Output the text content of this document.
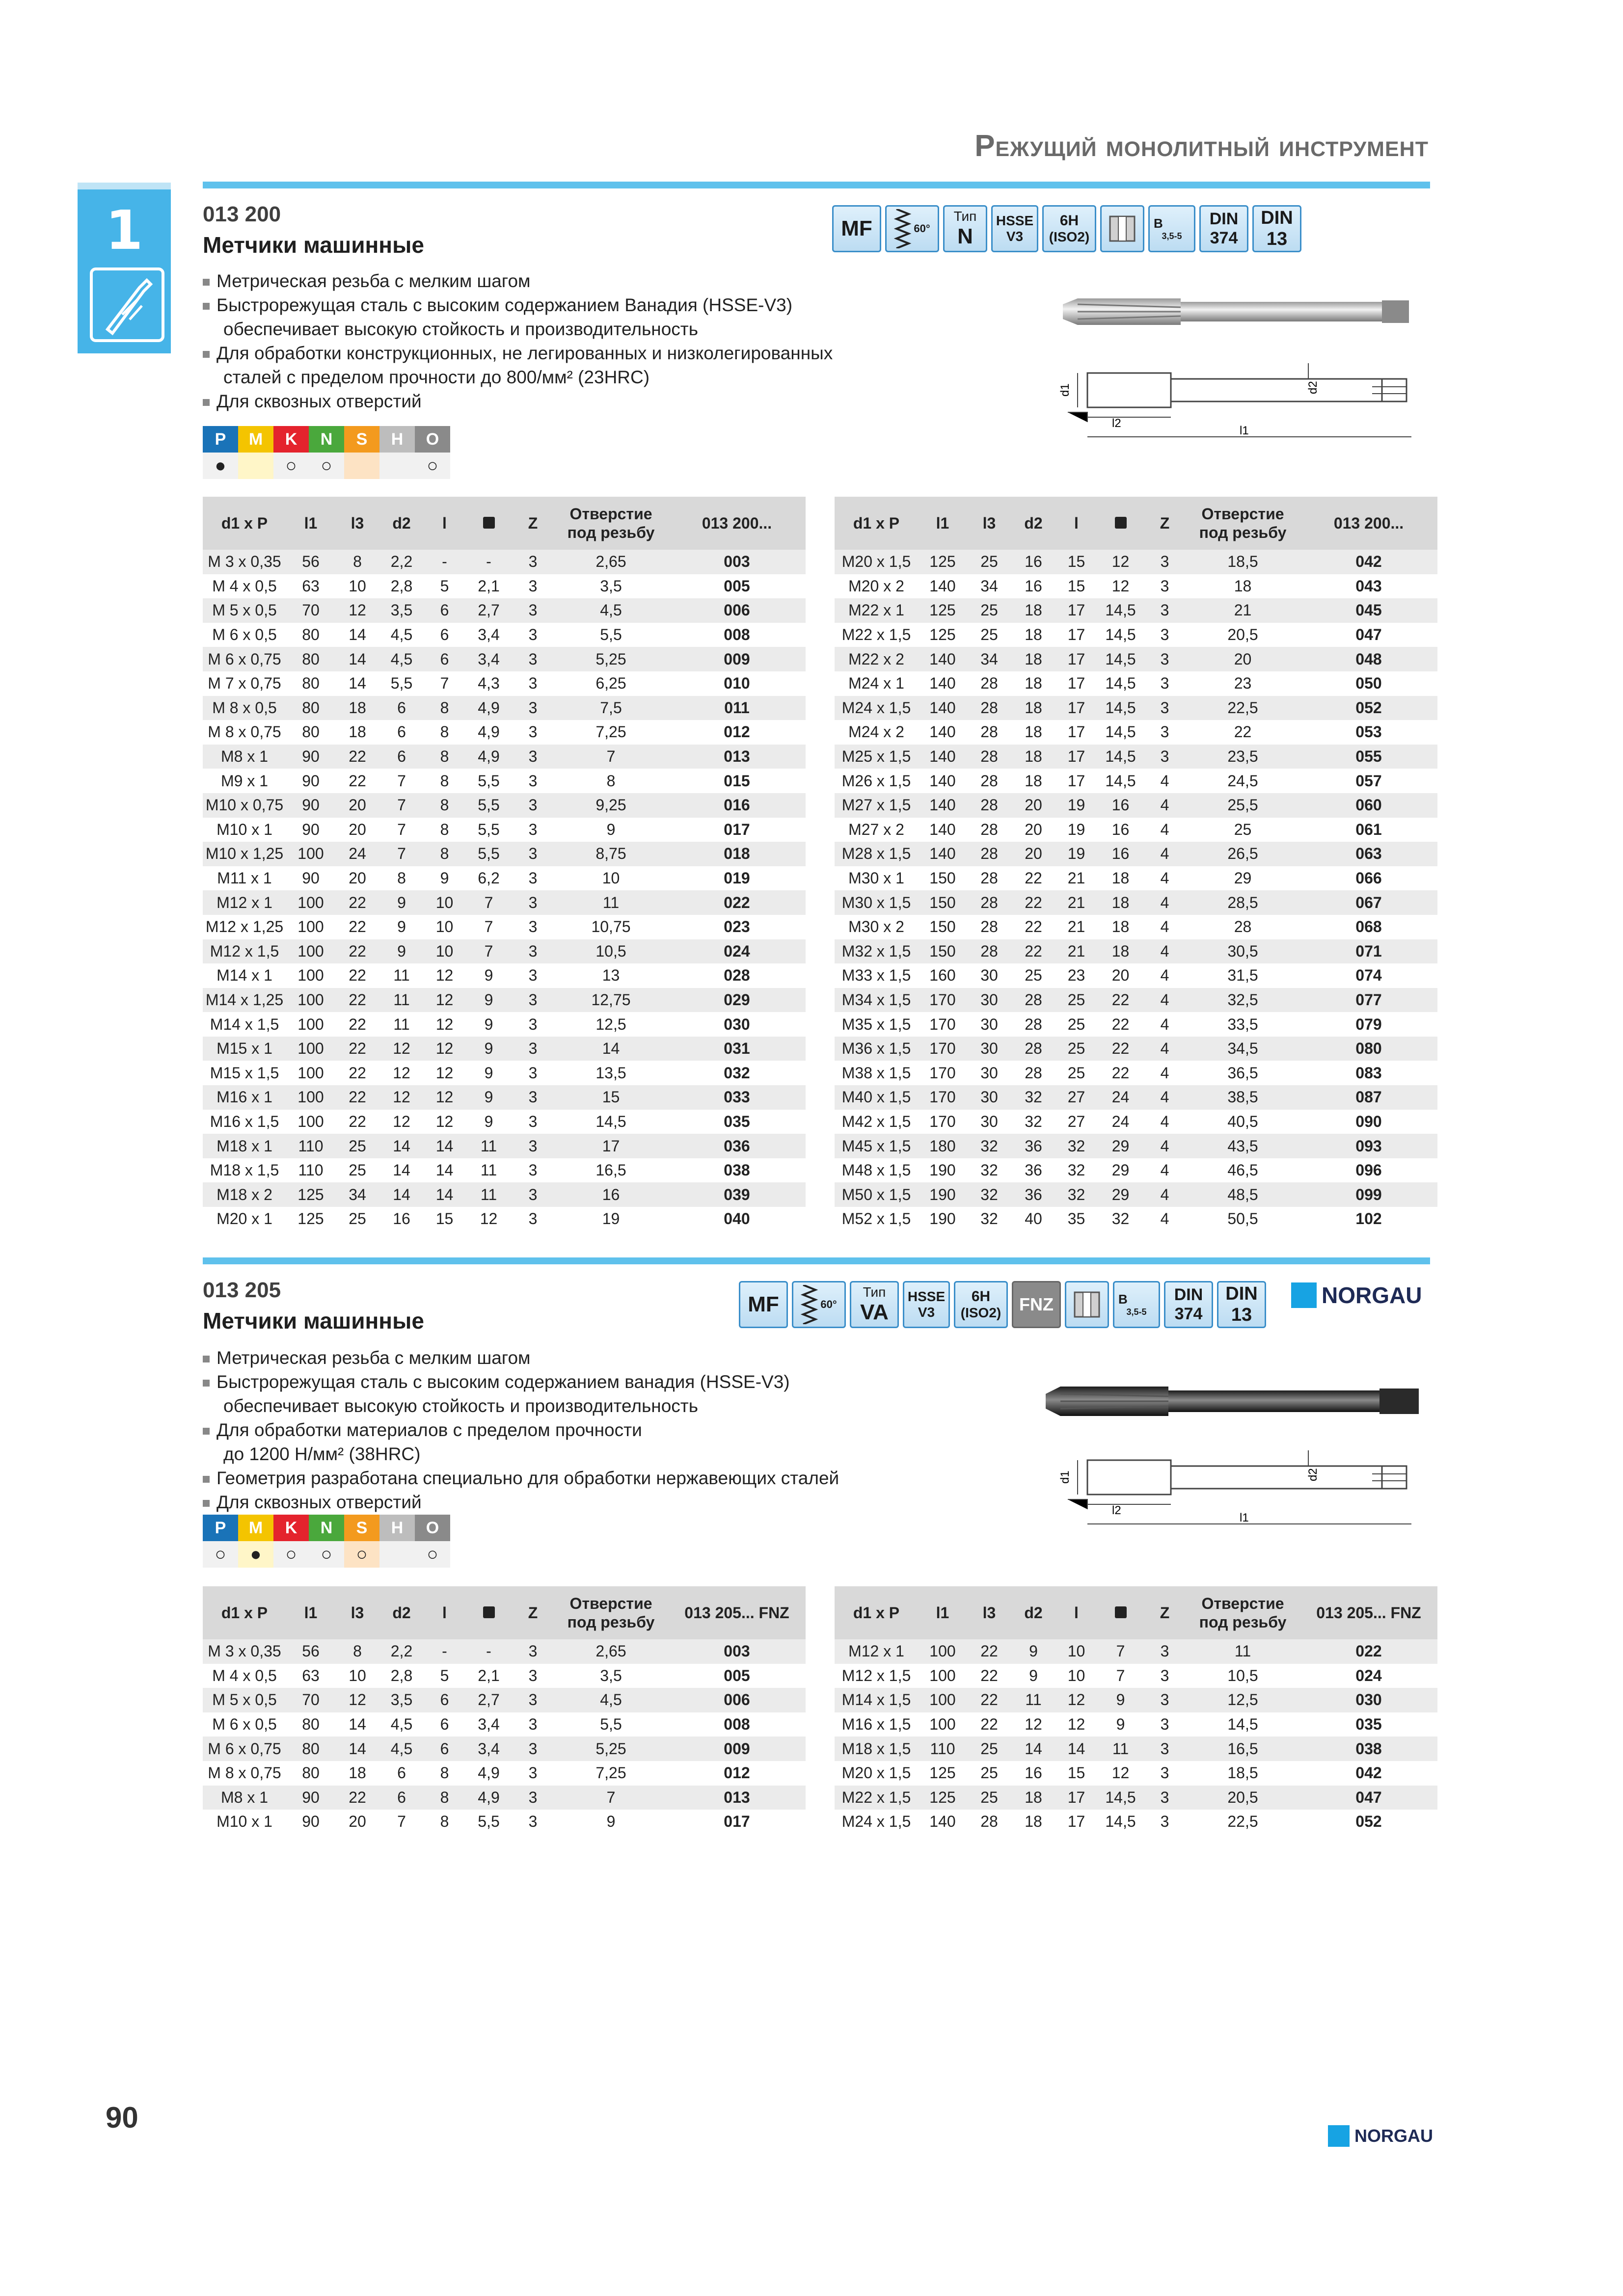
Режущий монолитный инструмент
1	013 200
Метчики машинные
Метрическая резьба с мелким шагом
Быстрорежущая сталь с высоким содержанием Ванадия (HSSE-V3)
обеспечивает высокую стойкость и производительность
Для обработки конструкционных, не легированных и низколегированных
сталей с пределом прочности до 800/мм² (23HRC)
Для сквозных отверстий
P	M	K	N	S	H	O
●		○	○			○
MF	60°
Тип
N
HSSE
V3
6H
(ISO2)
B
3,5-5
DIN
374
DIN
13
d1	d2
l2
l1
d1 x P	l1	l3	d2	l		Z	Отверстие под резьбу	013 200...
M 3 x 0,35	56	8	2,2	-	-	3	2,65	003
M 4 x 0,5	63	10	2,8	5	2,1	3	3,5	005
M 5 x 0,5	70	12	3,5	6	2,7	3	4,5	006
M 6 x 0,5	80	14	4,5	6	3,4	3	5,5	008
M 6 x 0,75	80	14	4,5	6	3,4	3	5,25	009
M 7 x 0,75	80	14	5,5	7	4,3	3	6,25	010
M 8 x 0,5	80	18	6	8	4,9	3	7,5	011
M 8 x 0,75	80	18	6	8	4,9	3	7,25	012
M8 x 1	90	22	6	8	4,9	3	7	013
M9 x 1	90	22	7	8	5,5	3	8	015
M10 x 0,75	90	20	7	8	5,5	3	9,25	016
M10 x 1	90	20	7	8	5,5	3	9	017
M10 x 1,25	100	24	7	8	5,5	3	8,75	018
M11 x 1	90	20	8	9	6,2	3	10	019
M12 x 1	100	22	9	10	7	3	11	022
M12 x 1,25	100	22	9	10	7	3	10,75	023
M12 x 1,5	100	22	9	10	7	3	10,5	024
M14 x 1	100	22	11	12	9	3	13	028
M14 x 1,25	100	22	11	12	9	3	12,75	029
M14 x 1,5	100	22	11	12	9	3	12,5	030
M15 x 1	100	22	12	12	9	3	14	031
M15 x 1,5	100	22	12	12	9	3	13,5	032
M16 x 1	100	22	12	12	9	3	15	033
M16 x 1,5	100	22	12	12	9	3	14,5	035
M18 x 1	110	25	14	14	11	3	17	036
M18 x 1,5	110	25	14	14	11	3	16,5	038
M18 x 2	125	34	14	14	11	3	16	039
M20 x 1	125	25	16	15	12	3	19	040
d1 x P	l1	l3	d2	l		Z	Отверстие под резьбу	013 200...
M20 x 1,5	125	25	16	15	12	3	18,5	042
M20 x 2	140	34	16	15	12	3	18	043
M22 x 1	125	25	18	17	14,5	3	21	045
M22 x 1,5	125	25	18	17	14,5	3	20,5	047
M22 x 2	140	34	18	17	14,5	3	20	048
M24 x 1	140	28	18	17	14,5	3	23	050
M24 x 1,5	140	28	18	17	14,5	3	22,5	052
M24 x 2	140	28	18	17	14,5	3	22	053
M25 x 1,5	140	28	18	17	14,5	3	23,5	055
M26 x 1,5	140	28	18	17	14,5	4	24,5	057
M27 x 1,5	140	28	20	19	16	4	25,5	060
M27 x 2	140	28	20	19	16	4	25	061
M28 x 1,5	140	28	20	19	16	4	26,5	063
M30 x 1	150	28	22	21	18	4	29	066
M30 x 1,5	150	28	22	21	18	4	28,5	067
M30 x 2	150	28	22	21	18	4	28	068
M32 x 1,5	150	28	22	21	18	4	30,5	071
M33 x 1,5	160	30	25	23	20	4	31,5	074
M34 x 1,5	170	30	28	25	22	4	32,5	077
M35 x 1,5	170	30	28	25	22	4	33,5	079
M36 x 1,5	170	30	28	25	22	4	34,5	080
M38 x 1,5	170	30	28	25	22	4	36,5	083
M40 x 1,5	170	30	32	27	24	4	38,5	087
M42 x 1,5	170	30	32	27	24	4	40,5	090
M45 x 1,5	180	32	36	32	29	4	43,5	093
M48 x 1,5	190	32	36	32	29	4	46,5	096
M50 x 1,5	190	32	36	32	29	4	48,5	099
M52 x 1,5	190	32	40	35	32	4	50,5	102
013 205
Метчики машинные
NORGAU
Метрическая резьба с мелким шагом
Быстрорежущая сталь с высоким содержанием ванадия (HSSE-V3)
обеспечивает высокую стойкость и производительность
Для обработки материалов с пределом прочности
до 1200 Н/мм² (38HRC)
Геометрия разработана специально для обработки нержавеющих сталей
Для сквозных отверстий
P	M	K	N	S	H	O
○	●	○	○	○		○
MF	60°
Тип
VA
HSSE
V3
6H
(ISO2)	FNZ	B
3,5-5
DIN
374
DIN
13
d1	d2
l2
l1
d1 x P	l1	l3	d2	l		Z	Отверстие под резьбу	013 205... FNZ
M 3 x 0,35	56	8	2,2	-	-	3	2,65	003
M 4 x 0,5	63	10	2,8	5	2,1	3	3,5	005
M 5 x 0,5	70	12	3,5	6	2,7	3	4,5	006
M 6 x 0,5	80	14	4,5	6	3,4	3	5,5	008
M 6 x 0,75	80	14	4,5	6	3,4	3	5,25	009
M 8 x 0,75	80	18	6	8	4,9	3	7,25	012
M8 x 1	90	22	6	8	4,9	3	7	013
M10 x 1	90	20	7	8	5,5	3	9	017
d1 x P	l1	l3	d2	l		Z	Отверстие под резьбу	013 205... FNZ
M12 x 1	100	22	9	10	7	3	11	022
M12 x 1,5	100	22	9	10	7	3	10,5	024
M14 x 1,5	100	22	11	12	9	3	12,5	030
M16 x 1,5	100	22	12	12	9	3	14,5	035
M18 x 1,5	110	25	14	14	11	3	16,5	038
M20 x 1,5	125	25	16	15	12	3	18,5	042
M22 x 1,5	125	25	18	17	14,5	3	20,5	047
M24 x 1,5	140	28	18	17	14,5	3	22,5	052
90
NORGAU
